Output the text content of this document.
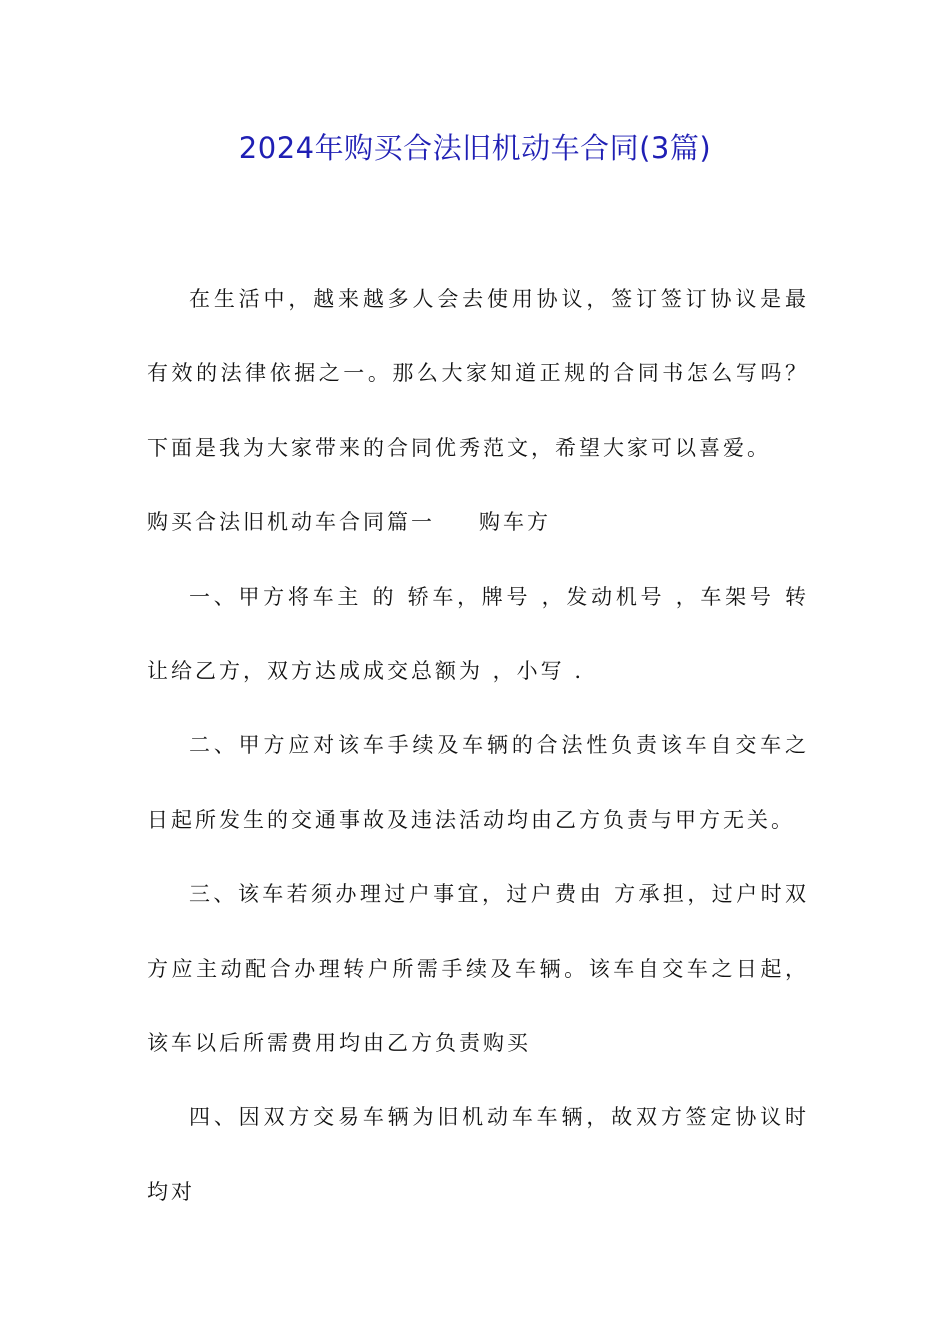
2024年购买合法旧机动车合同(3篇)

在生活中，越来越多人会去使用协议，签订签订协议是最有效的法律依据之一。那么大家知道正规的合同书怎么写吗？下面是我为大家带来的合同优秀范文，希望大家可以喜爱。

购买合法旧机动车合同篇一 购车方

一、甲方将车主 的 轿车，牌号 ，发动机号 ，车架号 转让给乙方，双方达成成交总额为 ，小写 .

二、甲方应对该车手续及车辆的合法性负责该车自交车之日起所发生的交通事故及违法活动均由乙方负责与甲方无关。

三、该车若须办理过户事宜，过户费由 方承担，过户时双方应主动配合办理转户所需手续及车辆。该车自交车之日起，该车以后所需费用均由乙方负责购买

四、因双方交易车辆为旧机动车车辆，故双方签定协议时均对
